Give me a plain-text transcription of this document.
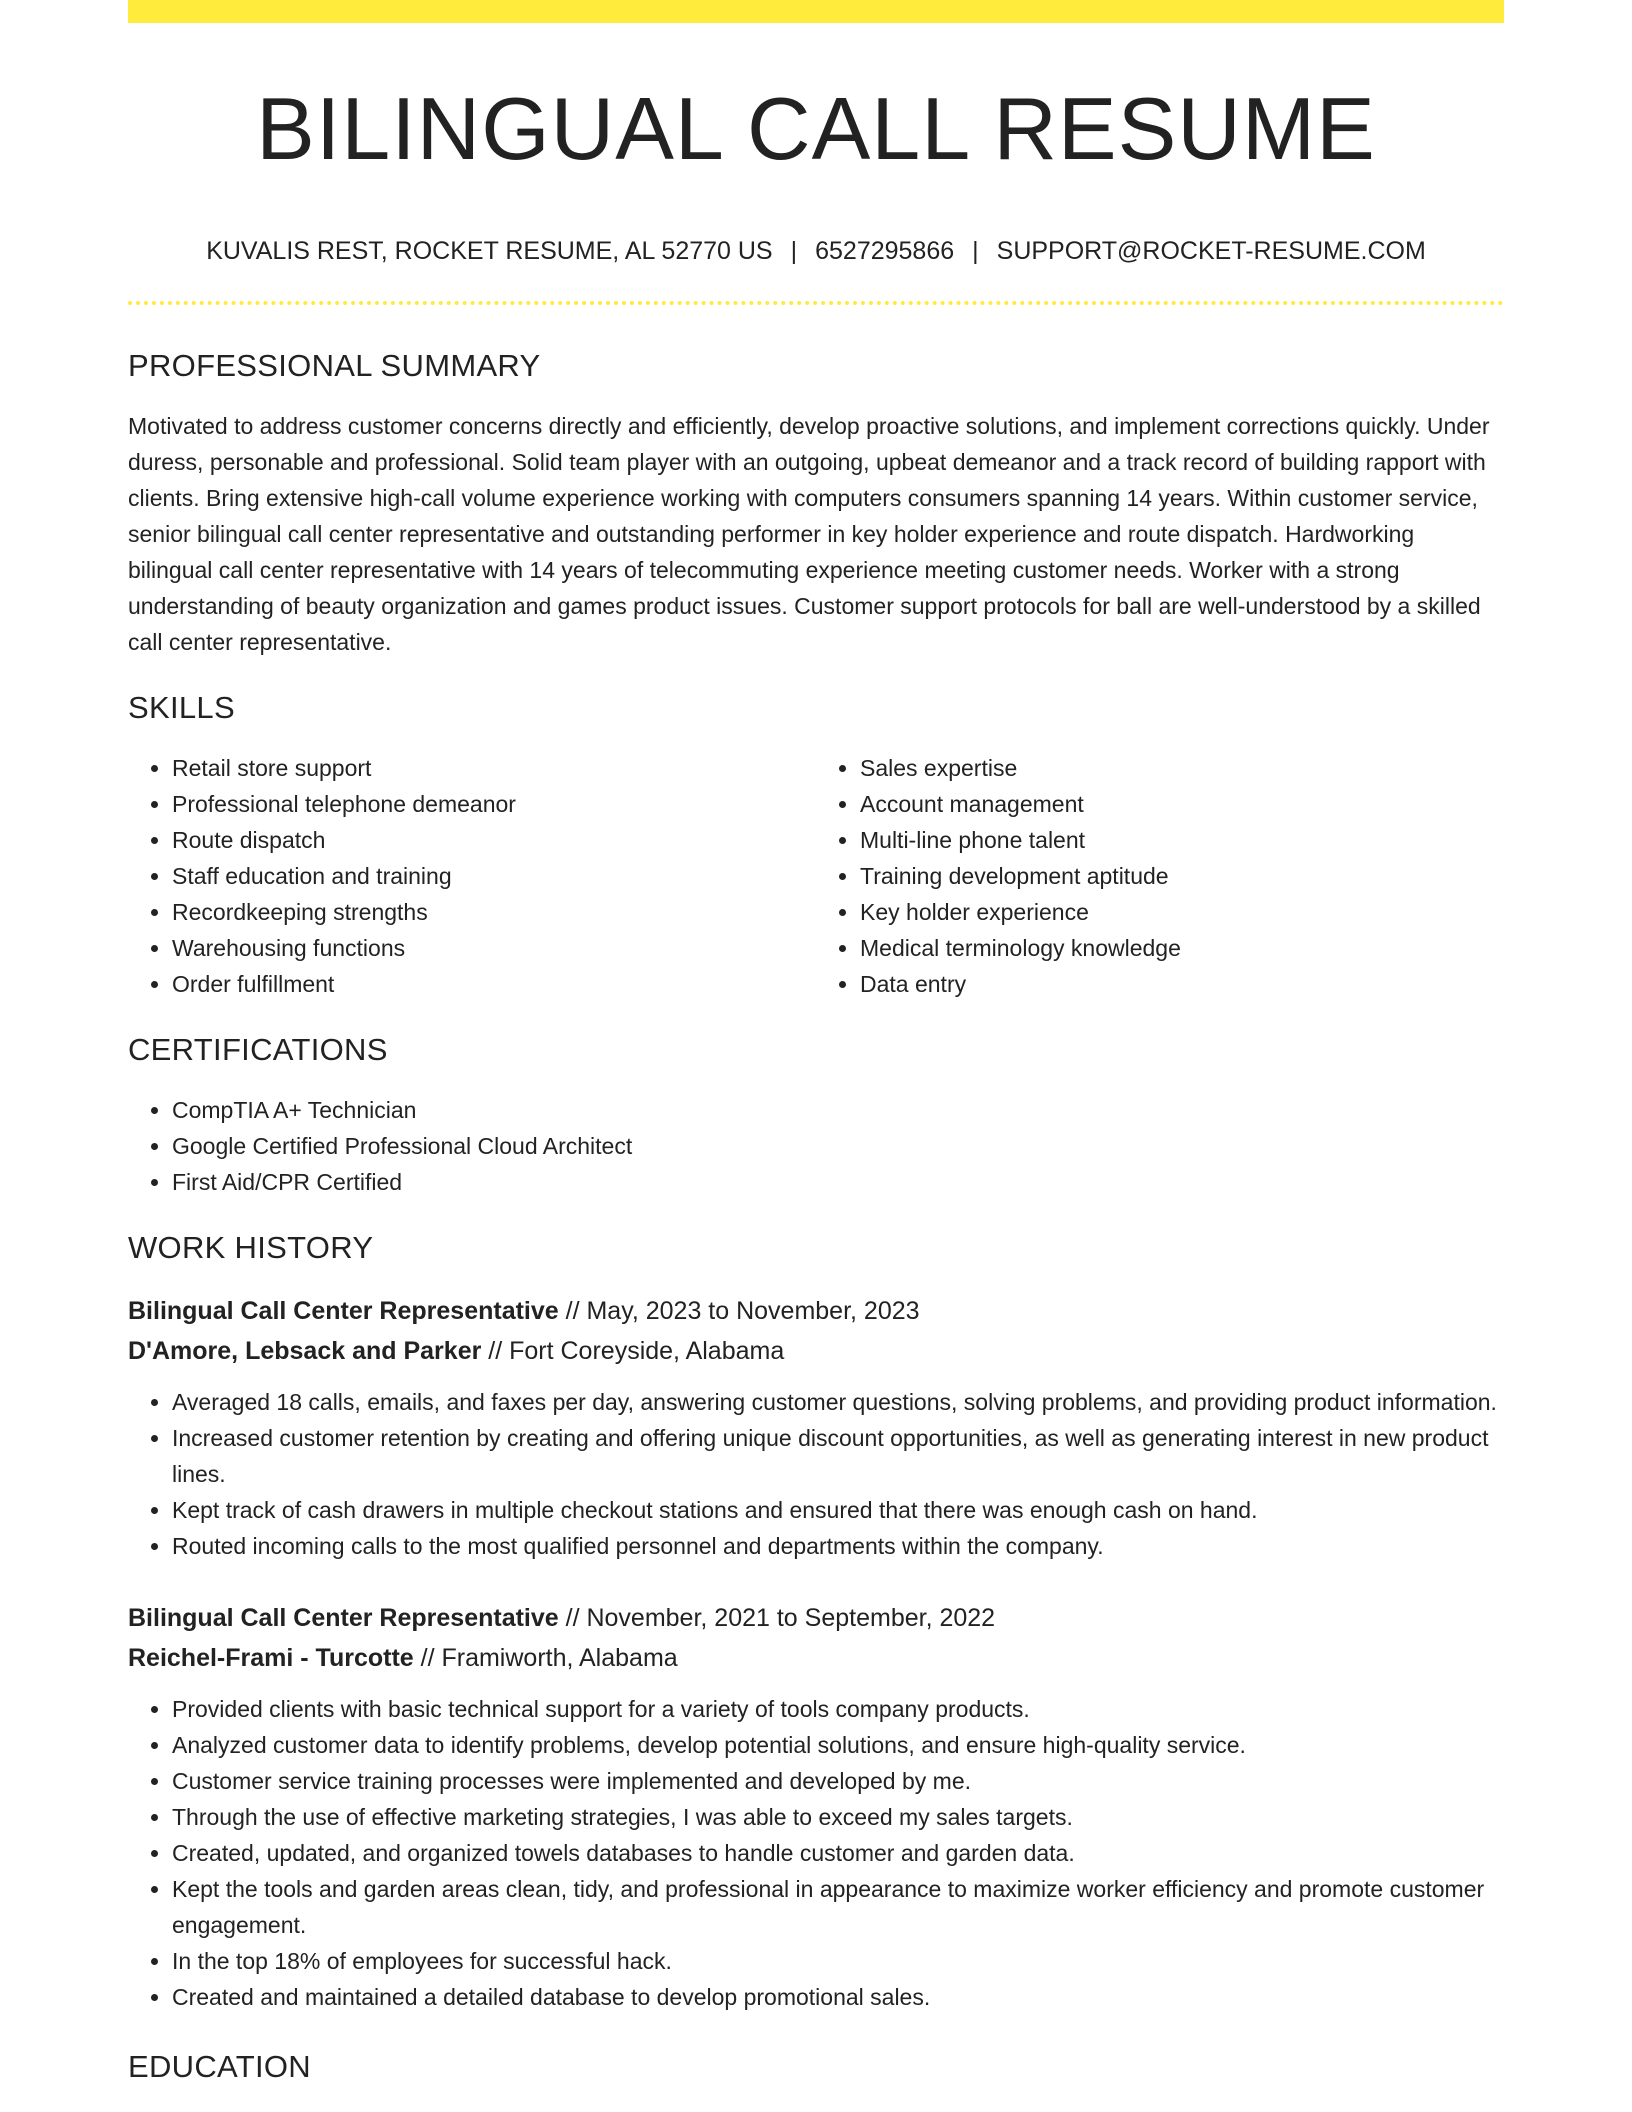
BILINGUAL CALL RESUME
KUVALIS REST, ROCKET RESUME, AL 52770 US | 6527295866 | SUPPORT@ROCKET-RESUME.COM
PROFESSIONAL SUMMARY

Motivated to address customer concerns directly and efficiently, develop proactive solutions, and implement corrections quickly. Under duress, personable and professional. Solid team player with an outgoing, upbeat demeanor and a track record of building rapport with clients. Bring extensive high-call volume experience working with computers consumers spanning 14 years. Within customer service, senior bilingual call center representative and outstanding performer in key holder experience and route dispatch. Hardworking bilingual call center representative with 14 years of telecommuting experience meeting customer needs. Worker with a strong understanding of beauty organization and games product issues. Customer support protocols for ball are well-understood by a skilled call center representative.

SKILLS
• Retail store support
• Professional telephone demeanor
• Route dispatch
• Staff education and training
• Recordkeeping strengths
• Warehousing functions
• Order fulfillment
• Sales expertise
• Account management
• Multi-line phone talent
• Training development aptitude
• Key holder experience
• Medical terminology knowledge
• Data entry
CERTIFICATIONS
• CompTIA A+ Technician
• Google Certified Professional Cloud Architect
• First Aid/CPR Certified
WORK HISTORY
Bilingual Call Center Representative // May, 2023 to November, 2023
D'Amore, Lebsack and Parker // Fort Coreyside, Alabama
• Averaged 18 calls, emails, and faxes per day, answering customer questions, solving problems, and providing product information.
• Increased customer retention by creating and offering unique discount opportunities, as well as generating interest in new product lines.
• Kept track of cash drawers in multiple checkout stations and ensured that there was enough cash on hand.
• Routed incoming calls to the most qualified personnel and departments within the company.
Bilingual Call Center Representative // November, 2021 to September, 2022
Reichel-Frami - Turcotte // Framiworth, Alabama
• Provided clients with basic technical support for a variety of tools company products.
• Analyzed customer data to identify problems, develop potential solutions, and ensure high-quality service.
• Customer service training processes were implemented and developed by me.
• Through the use of effective marketing strategies, I was able to exceed my sales targets.
• Created, updated, and organized towels databases to handle customer and garden data.
• Kept the tools and garden areas clean, tidy, and professional in appearance to maximize worker efficiency and promote customer engagement.
• In the top 18% of employees for successful hack.
• Created and maintained a detailed database to develop promotional sales.
EDUCATION
